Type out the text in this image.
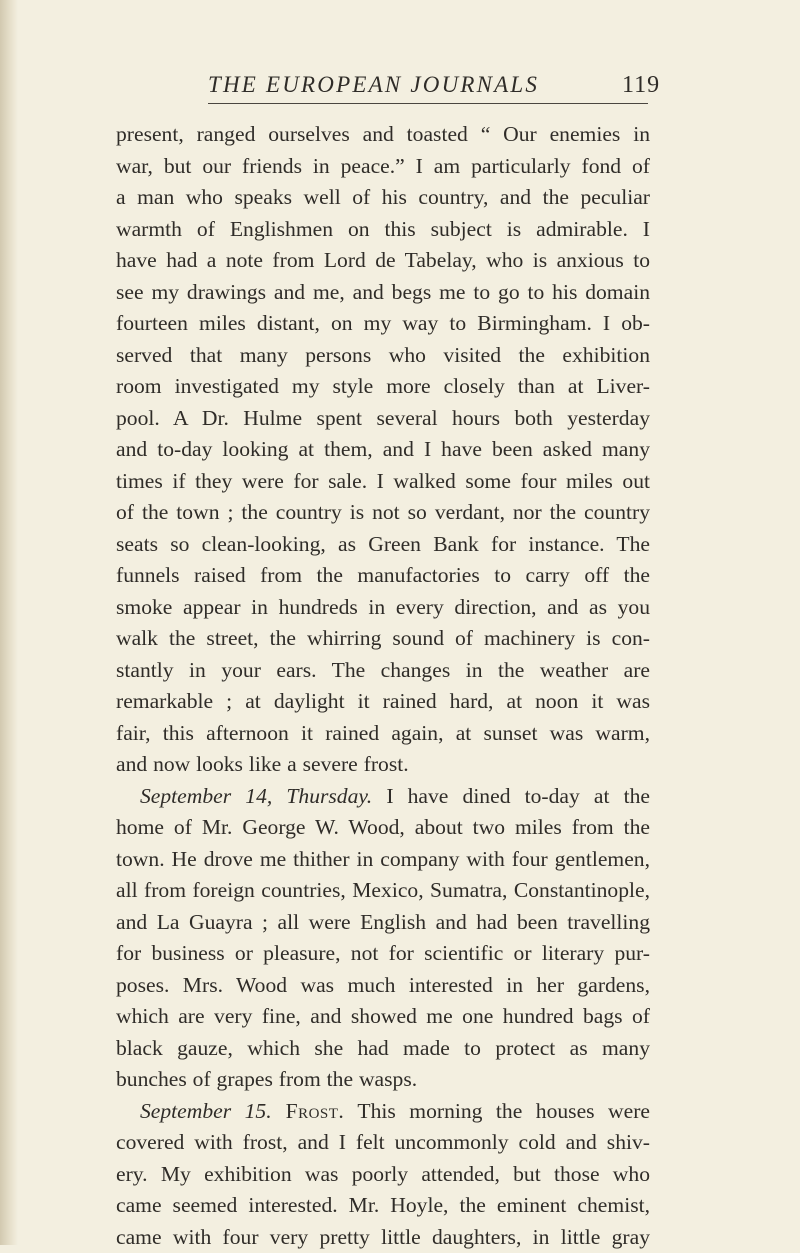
THE EUROPEAN JOURNALS	119
present, ranged ourselves and toasted “ Our enemies in
war, but our friends in peace.” I am particularly fond of
a man who speaks well of his country, and the peculiar
warmth of Englishmen on this subject is admirable. I
have had a note from Lord de Tabelay, who is anxious to
see my drawings and me, and begs me to go to his domain
fourteen miles distant, on my way to Birmingham. I ob-
served that many persons who visited the exhibition
room investigated my style more closely than at Liver-
pool. A Dr. Hulme spent several hours both yesterday
and to-day looking at them, and I have been asked many
times if they were for sale. I walked some four miles out
of the town ; the country is not so verdant, nor the country
seats so clean-looking, as Green Bank for instance. The
funnels raised from the manufactories to carry off the
smoke appear in hundreds in every direction, and as you
walk the street, the whirring sound of machinery is con-
stantly in your ears. The changes in the weather are
remarkable ; at daylight it rained hard, at noon it was
fair, this afternoon it rained again, at sunset was warm,
and now looks like a severe frost.
September 14, Thursday. I have dined to-day at the
home of Mr. George W. Wood, about two miles from the
town. He drove me thither in company with four gentlemen,
all from foreign countries, Mexico, Sumatra, Constantinople,
and La Guayra ; all were English and had been travelling
for business or pleasure, not for scientific or literary pur-
poses. Mrs. Wood was much interested in her gardens,
which are very fine, and showed me one hundred bags of
black gauze, which she had made to protect as many
bunches of grapes from the wasps.
September 15. Frost. This morning the houses were
covered with frost, and I felt uncommonly cold and shiv-
ery. My exhibition was poorly attended, but those who
came seemed interested. Mr. Hoyle, the eminent chemist,
came with four very pretty little daughters, in little gray
